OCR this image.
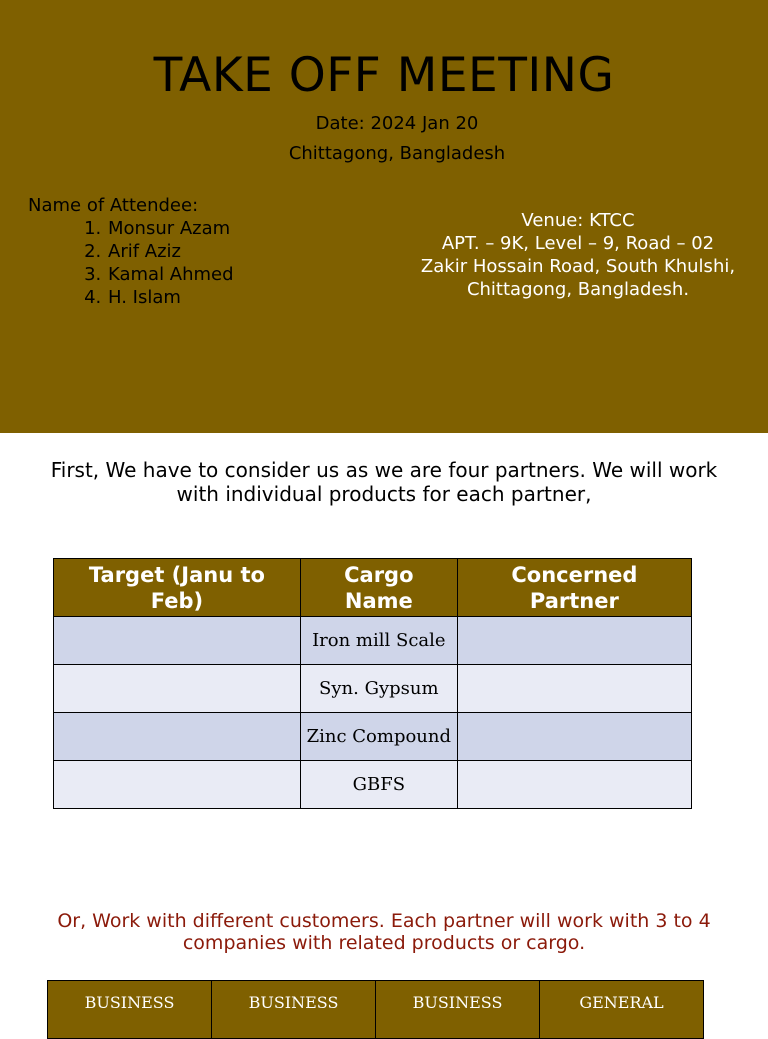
TAKE OFF MEETING
Date: 2024 Jan 20
Chittagong, Bangladesh
Name of Attendee:
1. Monsur Azam
2. Arif Aziz
3. Kamal Ahmed
4. H. Islam
Venue: KTCC
APT. – 9K, Level – 9, Road – 02
Zakir Hossain Road, South Khulshi,
Chittagong, Bangladesh.
First, We have to consider us as we are four partners. We will work with individual products for each partner,
Target (Janu to Feb)	Cargo Name	Concerned Partner
	Iron mill Scale	
	Syn. Gypsum	
	Zinc Compound	
	GBFS	
Or, Work with different customers. Each partner will work with 3 to 4 companies with related products or cargo.
BUSINESS	BUSINESS	BUSINESS	GENERAL
